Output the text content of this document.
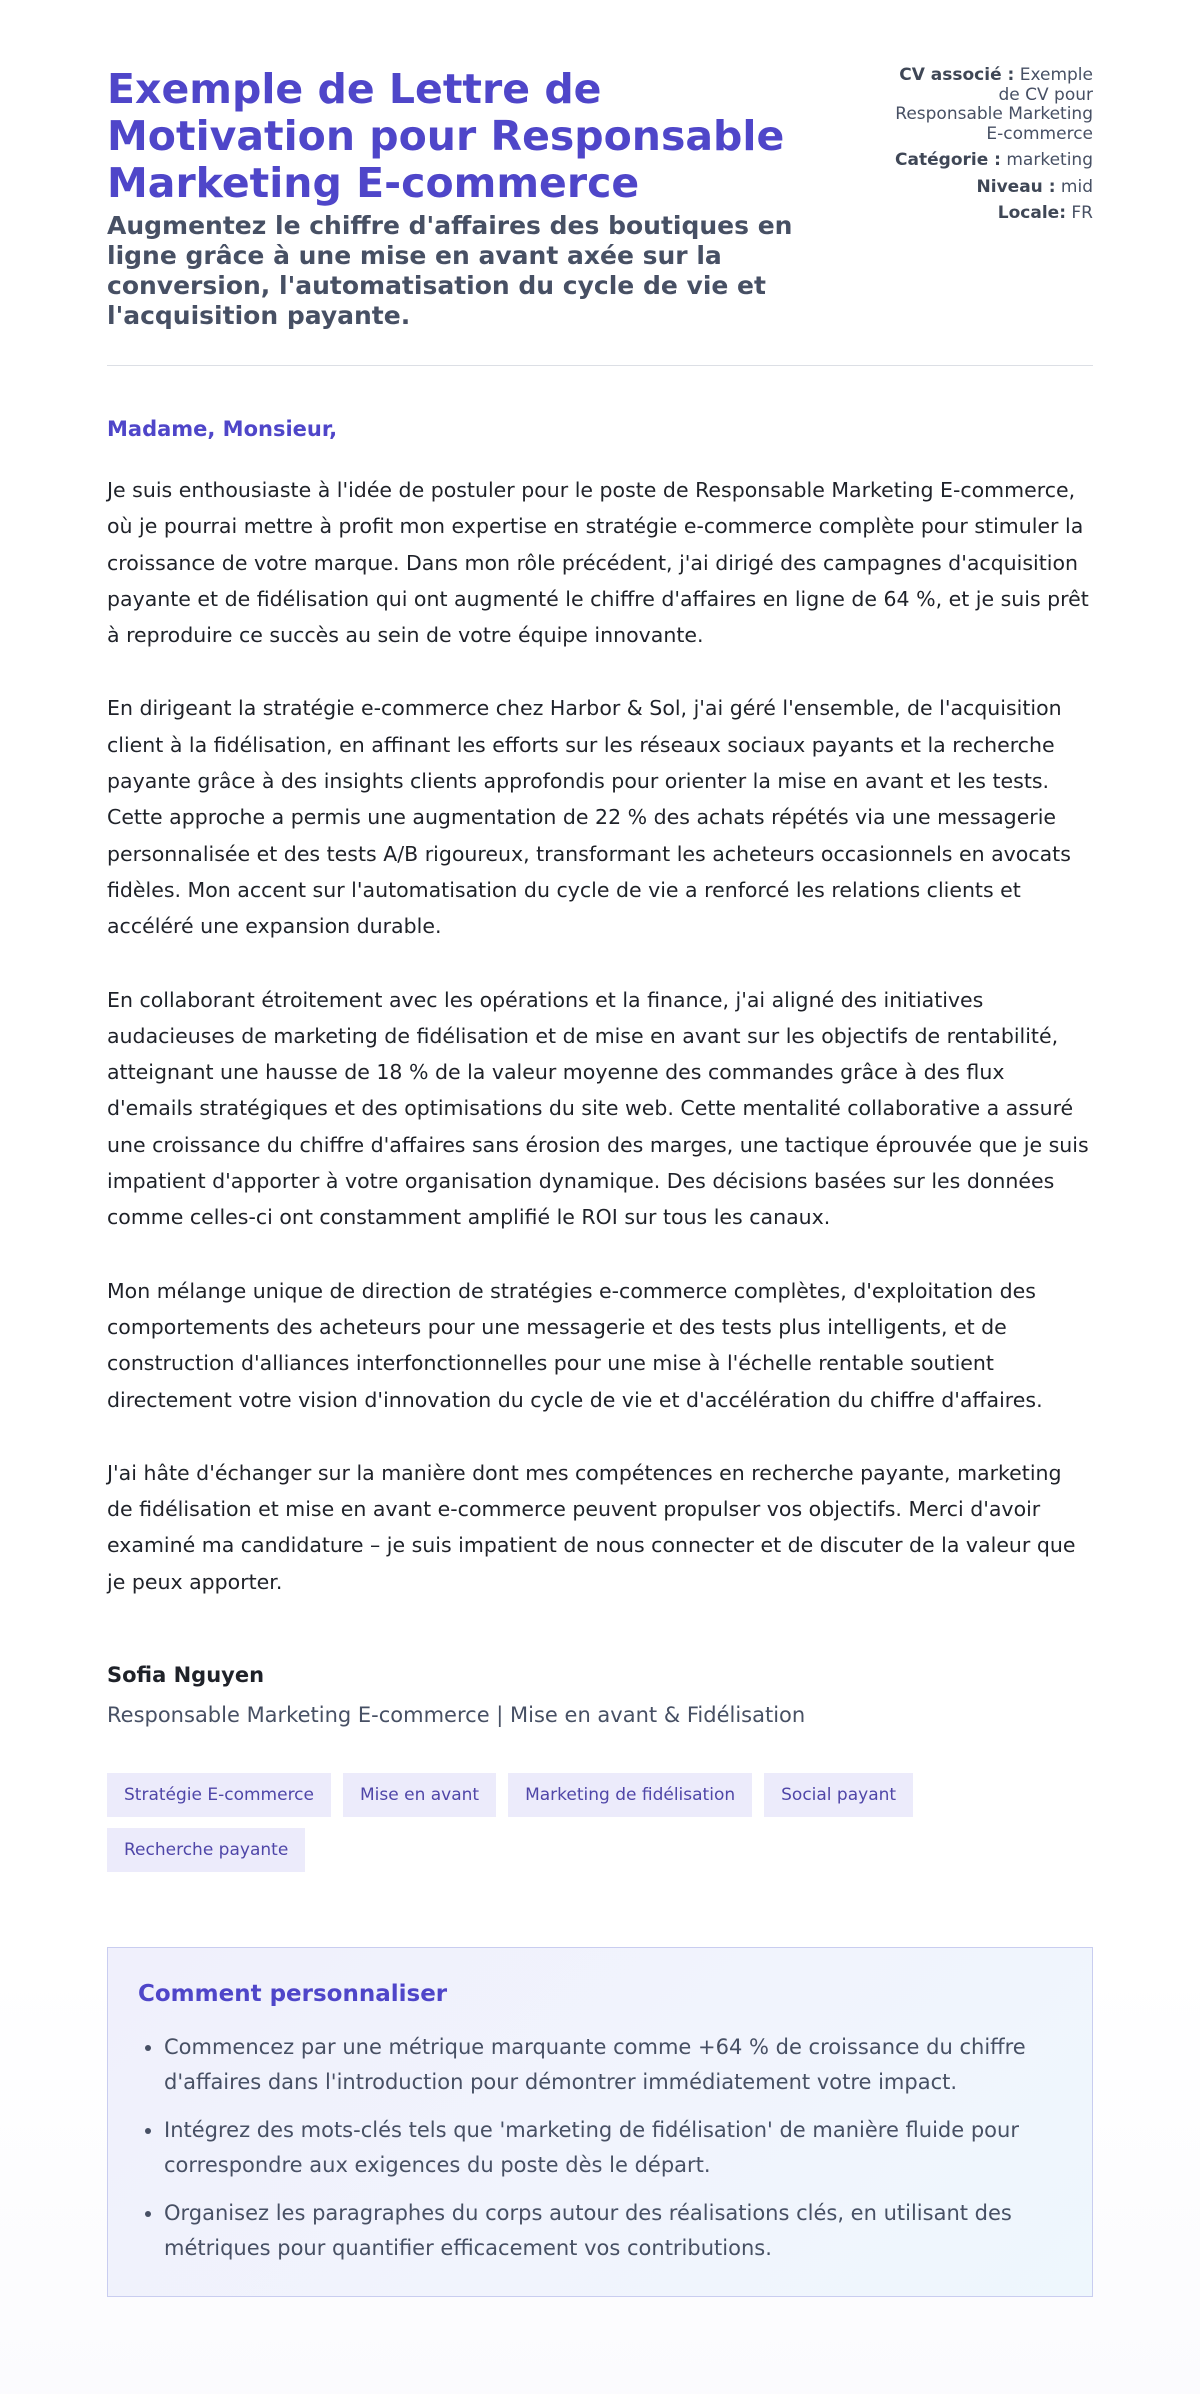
Exemple de Lettre de Motivation pour Responsable Marketing E-commerce
Augmentez le chiffre d'affaires des boutiques en ligne grâce à une mise en avant axée sur la conversion, l'automatisation du cycle de vie et l'acquisition payante.
CV associé : Exemple de CV pour Responsable Marketing E-commerce
Catégorie : marketing
Niveau : mid
Locale: FR

Madame, Monsieur,

Je suis enthousiaste à l'idée de postuler pour le poste de Responsable Marketing E-commerce, où je pourrai mettre à profit mon expertise en stratégie e-commerce complète pour stimuler la croissance de votre marque. Dans mon rôle précédent, j'ai dirigé des campagnes d'acquisition payante et de fidélisation qui ont augmenté le chiffre d'affaires en ligne de 64 %, et je suis prêt à reproduire ce succès au sein de votre équipe innovante.

En dirigeant la stratégie e-commerce chez Harbor & Sol, j'ai géré l'ensemble, de l'acquisition client à la fidélisation, en affinant les efforts sur les réseaux sociaux payants et la recherche payante grâce à des insights clients approfondis pour orienter la mise en avant et les tests. Cette approche a permis une augmentation de 22 % des achats répétés via une messagerie personnalisée et des tests A/B rigoureux, transformant les acheteurs occasionnels en avocats fidèles. Mon accent sur l'automatisation du cycle de vie a renforcé les relations clients et accéléré une expansion durable.

En collaborant étroitement avec les opérations et la finance, j'ai aligné des initiatives audacieuses de marketing de fidélisation et de mise en avant sur les objectifs de rentabilité, atteignant une hausse de 18 % de la valeur moyenne des commandes grâce à des flux d'emails stratégiques et des optimisations du site web. Cette mentalité collaborative a assuré une croissance du chiffre d'affaires sans érosion des marges, une tactique éprouvée que je suis impatient d'apporter à votre organisation dynamique. Des décisions basées sur les données comme celles-ci ont constamment amplifié le ROI sur tous les canaux.

Mon mélange unique de direction de stratégies e-commerce complètes, d'exploitation des comportements des acheteurs pour une messagerie et des tests plus intelligents, et de construction d'alliances interfonctionnelles pour une mise à l'échelle rentable soutient directement votre vision d'innovation du cycle de vie et d'accélération du chiffre d'affaires.

J'ai hâte d'échanger sur la manière dont mes compétences en recherche payante, marketing de fidélisation et mise en avant e-commerce peuvent propulser vos objectifs. Merci d'avoir examiné ma candidature – je suis impatient de nous connecter et de discuter de la valeur que je peux apporter.

Sofia Nguyen
Responsable Marketing E-commerce | Mise en avant & Fidélisation
Stratégie E-commerce	Mise en avant	Marketing de fidélisation	Social payant
Recherche payante
Comment personnaliser
• Commencez par une métrique marquante comme +64 % de croissance du chiffre d'affaires dans l'introduction pour démontrer immédiatement votre impact.
• Intégrez des mots-clés tels que 'marketing de fidélisation' de manière fluide pour correspondre aux exigences du poste dès le départ.
• Organisez les paragraphes du corps autour des réalisations clés, en utilisant des métriques pour quantifier efficacement vos contributions.
